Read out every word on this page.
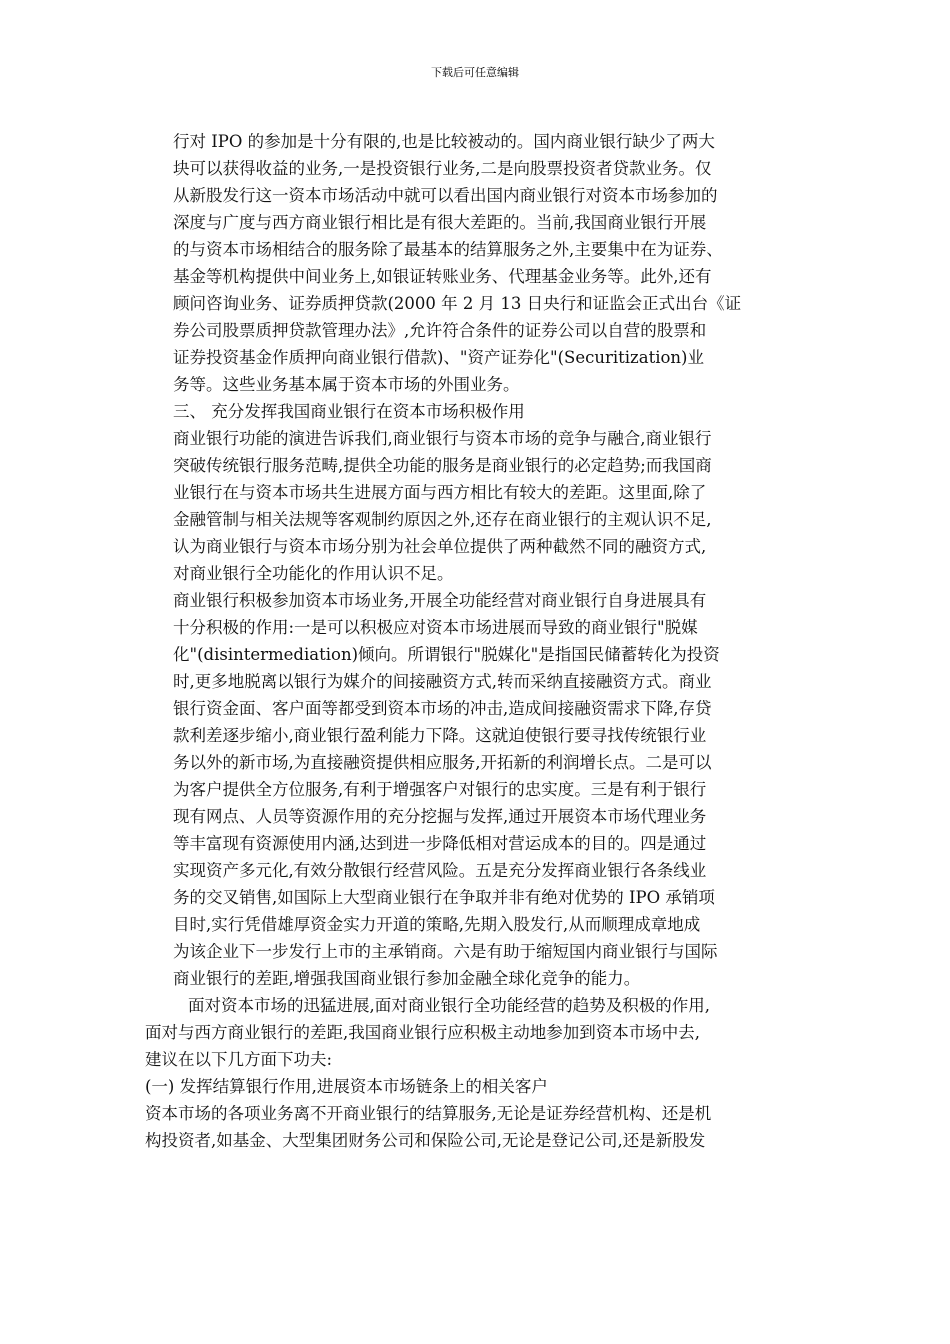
下载后可任意编辑
行对 IPO 的参加是十分有限的,也是比较被动的。国内商业银行缺少了两大
块可以获得收益的业务,一是投资银行业务,二是向股票投资者贷款业务。仅
从新股发行这一资本市场活动中就可以看出国内商业银行对资本市场参加的
深度与广度与西方商业银行相比是有很大差距的。当前,我国商业银行开展
的与资本市场相结合的服务除了最基本的结算服务之外,主要集中在为证券、
基金等机构提供中间业务上,如银证转账业务、代理基金业务等。此外,还有
顾问咨询业务、证券质押贷款(2000 年 2 月 13 日央行和证监会正式出台《证
券公司股票质押贷款管理办法》,允许符合条件的证券公司以自营的股票和
证券投资基金作质押向商业银行借款)、"资产证券化"(Securitization)业
务等。这些业务基本属于资本市场的外围业务。
三、 充分发挥我国商业银行在资本市场积极作用
商业银行功能的演进告诉我们,商业银行与资本市场的竞争与融合,商业银行
突破传统银行服务范畴,提供全功能的服务是商业银行的必定趋势;而我国商
业银行在与资本市场共生进展方面与西方相比有较大的差距。这里面,除了
金融管制与相关法规等客观制约原因之外,还存在商业银行的主观认识不足,
认为商业银行与资本市场分别为社会单位提供了两种截然不同的融资方式,
对商业银行全功能化的作用认识不足。
商业银行积极参加资本市场业务,开展全功能经营对商业银行自身进展具有
十分积极的作用:一是可以积极应对资本市场进展而导致的商业银行"脱媒
化"(disintermediation)倾向。所谓银行"脱媒化"是指国民储蓄转化为投资
时,更多地脱离以银行为媒介的间接融资方式,转而采纳直接融资方式。商业
银行资金面、客户面等都受到资本市场的冲击,造成间接融资需求下降,存贷
款利差逐步缩小,商业银行盈利能力下降。这就迫使银行要寻找传统银行业
务以外的新市场,为直接融资提供相应服务,开拓新的利润增长点。二是可以
为客户提供全方位服务,有利于增强客户对银行的忠实度。三是有利于银行
现有网点、人员等资源作用的充分挖掘与发挥,通过开展资本市场代理业务
等丰富现有资源使用内涵,达到进一步降低相对营运成本的目的。四是通过
实现资产多元化,有效分散银行经营风险。五是充分发挥商业银行各条线业
务的交叉销售,如国际上大型商业银行在争取并非有绝对优势的 IPO 承销项
目时,实行凭借雄厚资金实力开道的策略,先期入股发行,从而顺理成章地成
为该企业下一步发行上市的主承销商。六是有助于缩短国内商业银行与国际
商业银行的差距,增强我国商业银行参加金融全球化竞争的能力。
面对资本市场的迅猛进展,面对商业银行全功能经营的趋势及积极的作用,
面对与西方商业银行的差距,我国商业银行应积极主动地参加到资本市场中去,
建议在以下几方面下功夫:
(一) 发挥结算银行作用,进展资本市场链条上的相关客户
资本市场的各项业务离不开商业银行的结算服务,无论是证券经营机构、还是机
构投资者,如基金、大型集团财务公司和保险公司,无论是登记公司,还是新股发
